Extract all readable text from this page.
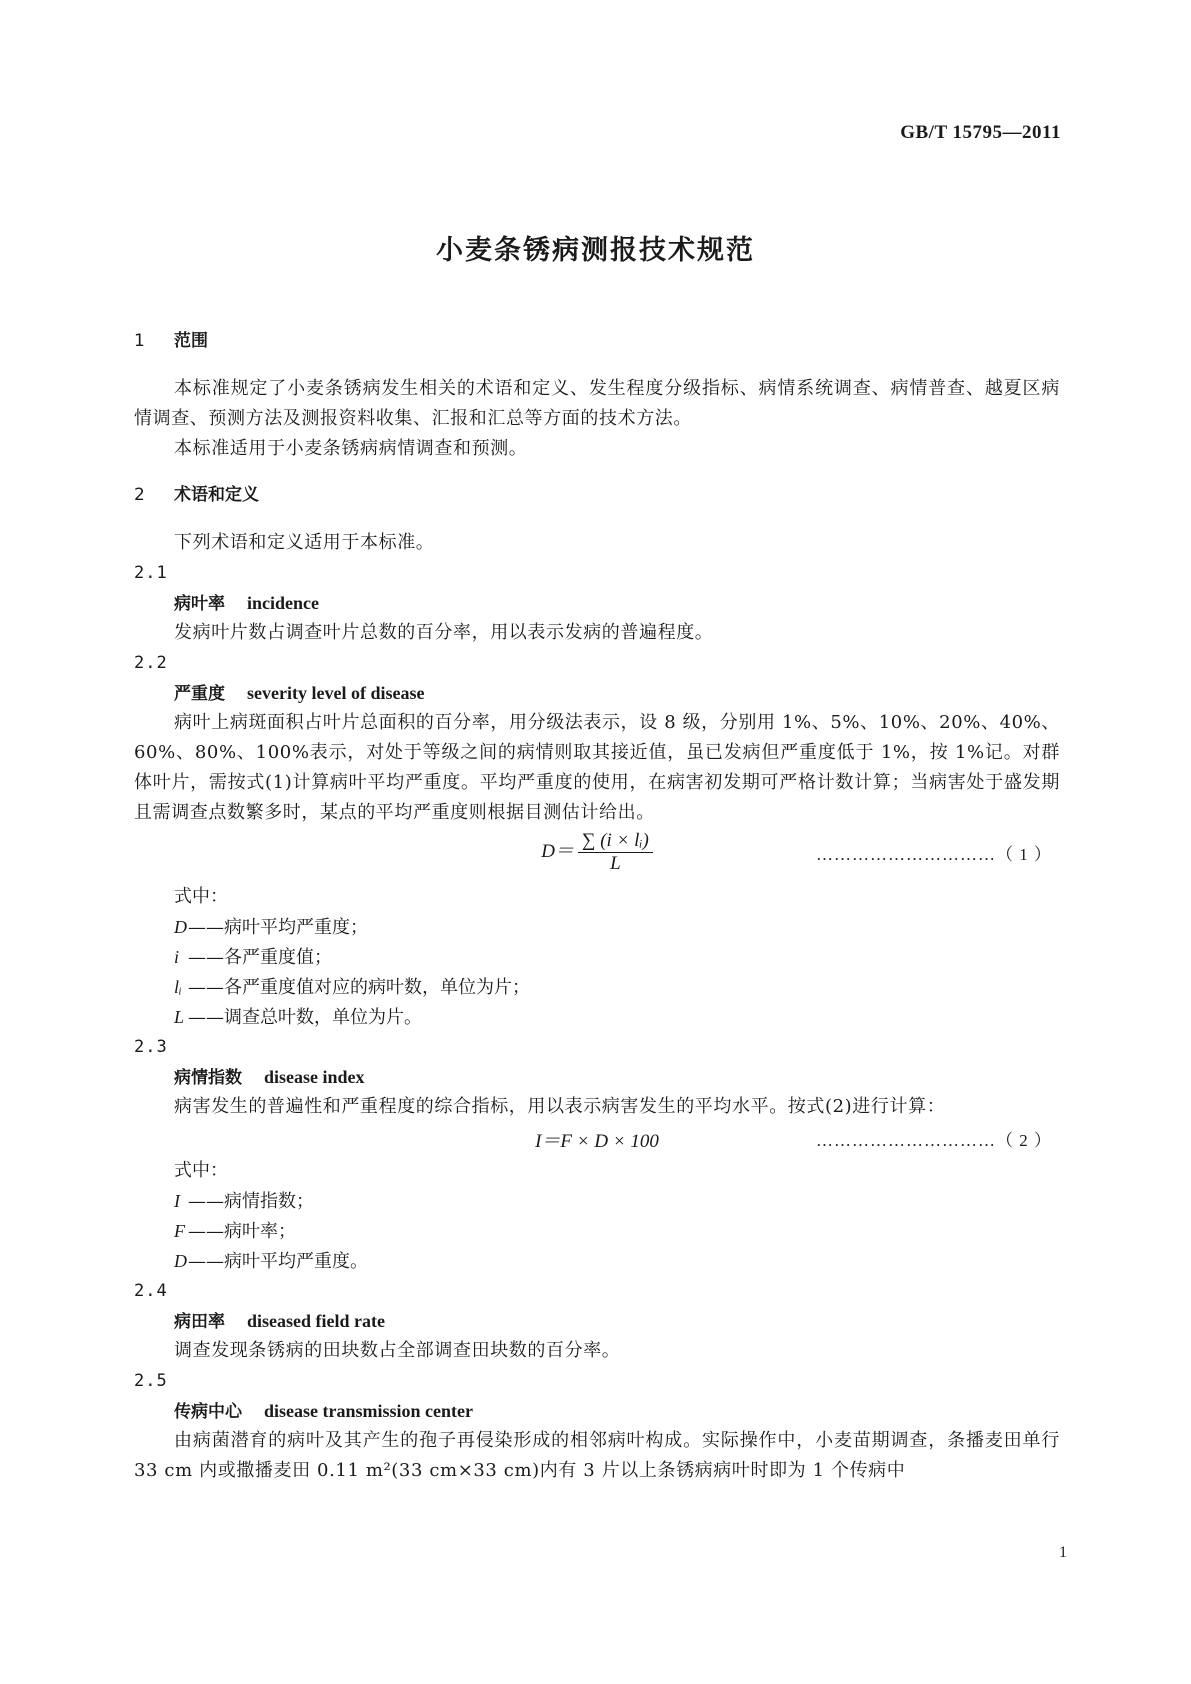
GB/T 15795—2011
小麦条锈病测报技术规范
1 范围

本标准规定了小麦条锈病发生相关的术语和定义、发生程度分级指标、病情系统调查、病情普查、越夏区病情调查、预测方法及测报资料收集、汇报和汇总等方面的技术方法。

本标准适用于小麦条锈病病情调查和预测。

2 术语和定义

下列术语和定义适用于本标准。

2.1
病叶率 incidence

发病叶片数占调查叶片总数的百分率，用以表示发病的普遍程度。

2.2
严重度 severity level of disease

病叶上病斑面积占叶片总面积的百分率，用分级法表示，设 8 级，分别用 1%、5%、10%、20%、40%、60%、80%、100%表示，对处于等级之间的病情则取其接近值，虽已发病但严重度低于 1%，按 1%记。对群体叶片，需按式(1)计算病叶平均严重度。平均严重度的使用，在病害初发期可严格计数计算；当病害处于盛发期且需调查点数繁多时，某点的平均严重度则根据目测估计给出。

$D= \frac{\text{∑ (i × lᵢ)}}{L}$	…………………………（ 1 ）
式中：
D——病叶平均严重度；
i ——各严重度值；
lᵢ ——各严重度值对应的病叶数，单位为片；
L ——调查总叶数，单位为片。
2.3
病情指数 disease index

病害发生的普遍性和严重程度的综合指标，用以表示病害发生的平均水平。按式(2)进行计算：

I＝F × D × 100	…………………………（ 2 ）
式中：
I ——病情指数；
F ——病叶率；
D——病叶平均严重度。
2.4
病田率 diseased field rate

调查发现条锈病的田块数占全部调查田块数的百分率。

2.5
传病中心 disease transmission center

由病菌潜育的病叶及其产生的孢子再侵染形成的相邻病叶构成。实际操作中，小麦苗期调查，条播麦田单行 33 cm 内或撒播麦田 0.11 m²(33 cm×33 cm)内有 3 片以上条锈病病叶时即为 1 个传病中

1
